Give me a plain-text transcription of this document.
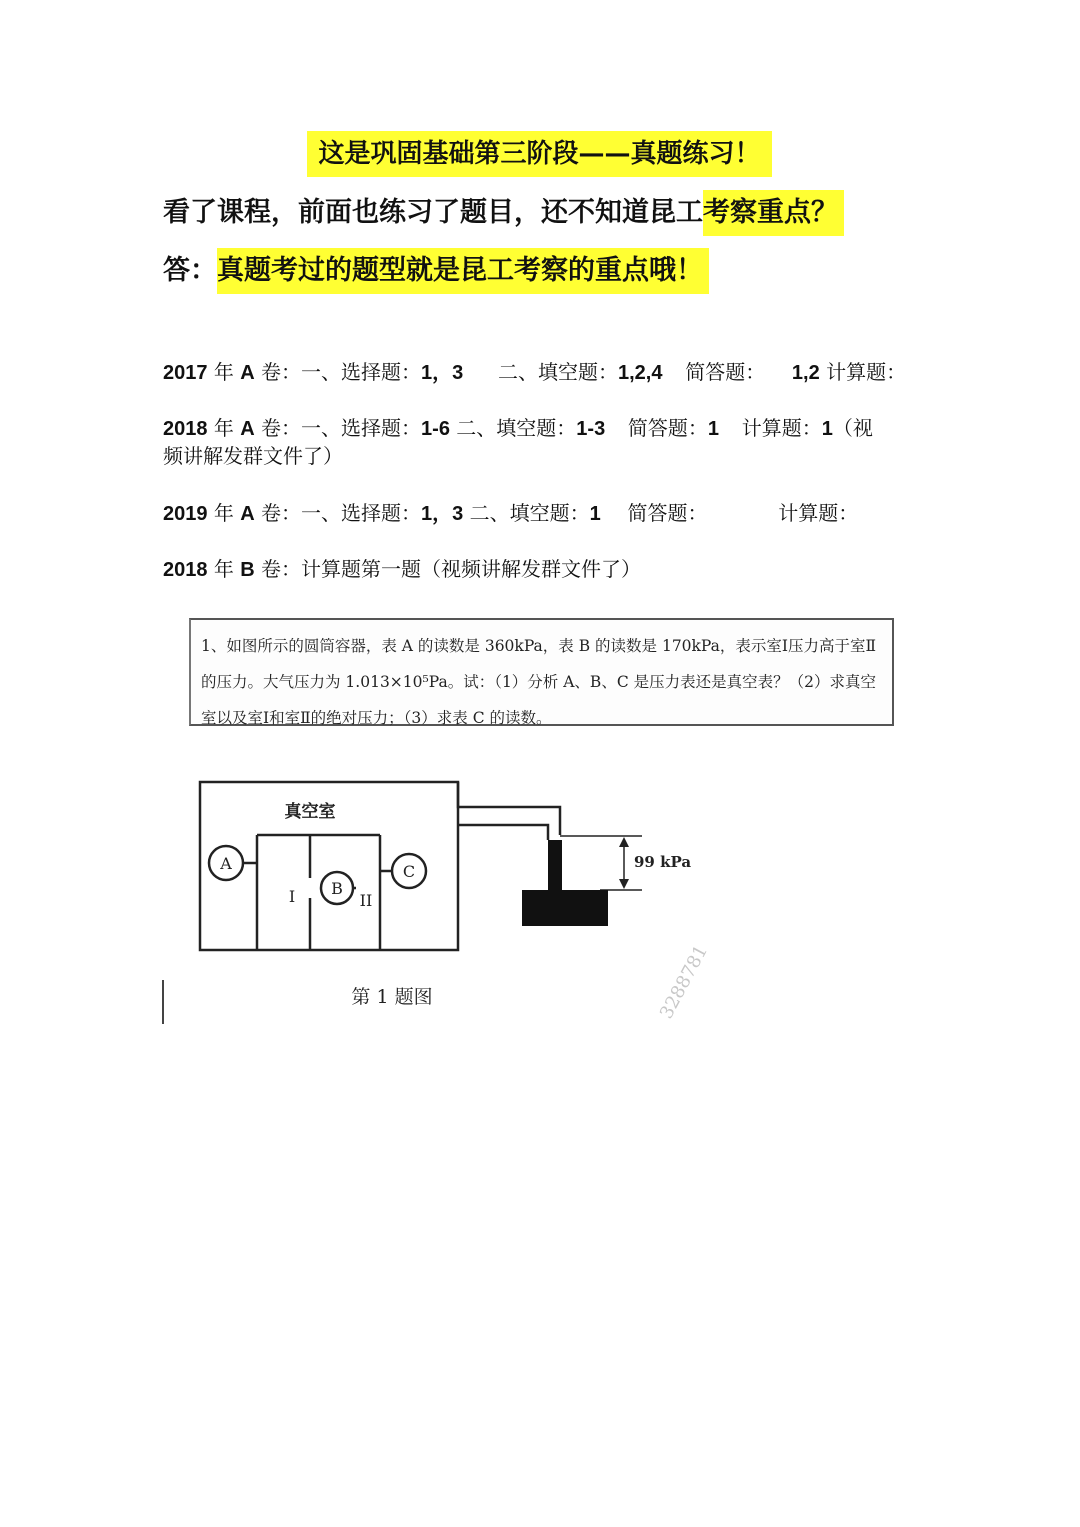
这是巩固基础第三阶段——真题练习！
看了课程，前面也练习了题目，还不知道昆工考察重点？
答：真题考过的题型就是昆工考察的重点哦！
2017 年 A 卷：一、选择题：1，3 二、填空题：1,2,4 简答题： 1,2 计算题：
2018 年 A 卷：一、选择题：1-6 二、填空题：1-3 简答题：1 计算题：1（视
频讲解发群文件了）
2019 年 A 卷：一、选择题：1，3 二、填空题：1 简答题：	计算题：
2018 年 B 卷：计算题第一题（视频讲解发群文件了）
1、如图所示的圆筒容器，表 A 的读数是 360kPa，表 B 的读数是 170kPa，表示室Ⅰ压力高于室Ⅱ
的压力。大气压力为 1.013×10⁵Pa。试：（1）分析 A、B、C 是压力表还是真空表？（2）求真空
室以及室Ⅰ和室Ⅱ的绝对压力；（3）求表 C 的读数。
A
B
C
真空室
I	II
99 kPa
第 1 题图	3288781
